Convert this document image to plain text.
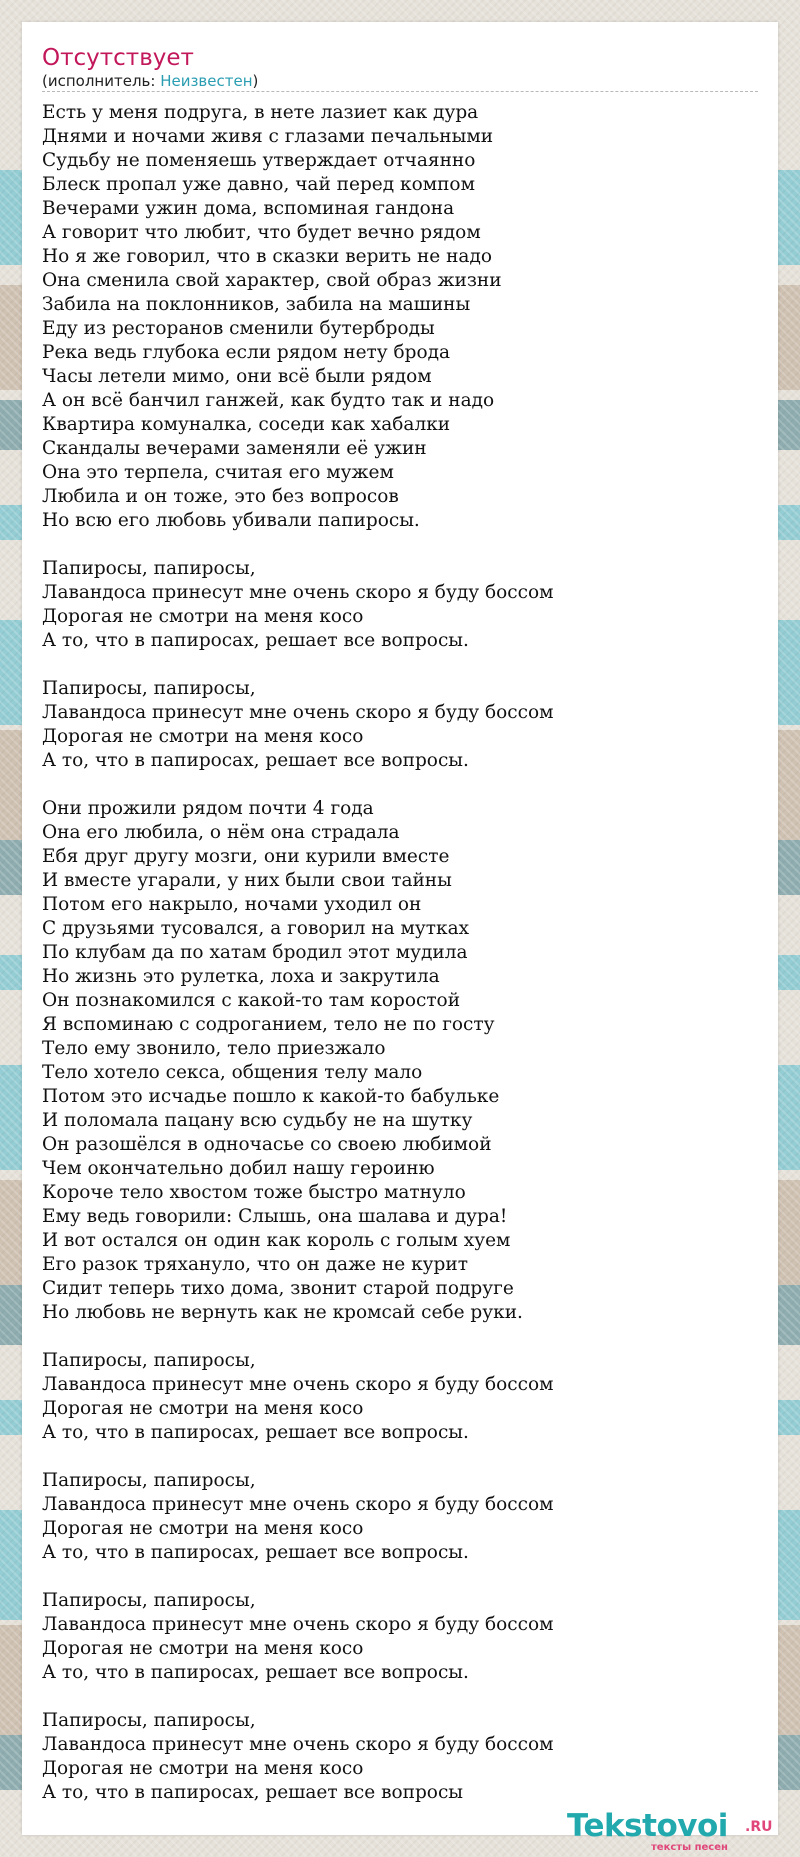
Отсутствует
(исполнитель: Неизвестен)
Есть у меня подруга, в нете лазиет как дура
Днями и ночами живя с глазами печальными
Судьбу не поменяешь утверждает отчаянно
Блеск пропал уже давно, чай перед компом
Вечерами ужин дома, вспоминая гандона
А говорит что любит, что будет вечно рядом
Но я же говорил, что в сказки верить не надо
Она сменила свой характер, свой образ жизни
Забила на поклонников, забила на машины
Еду из ресторанов сменили бутерброды
Река ведь глубока если рядом нету брода
Часы летели мимо, они всё были рядом
А он всё банчил ганжей, как будто так и надо
Квартира комуналка, соседи как хабалки
Скандалы вечерами заменяли её ужин
Она это терпела, считая его мужем
Любила и он тоже, это без вопросов
Но всю его любовь убивали папиросы.

Папиросы, папиросы,
Лавандоса принесут мне очень скоро я буду боссом
Дорогая не смотри на меня косо
А то, что в папиросах, решает все вопросы.

Папиросы, папиросы,
Лавандоса принесут мне очень скоро я буду боссом
Дорогая не смотри на меня косо
А то, что в папиросах, решает все вопросы.

Они прожили рядом почти 4 года
Она его любила, о нём она страдала
Ебя друг другу мозги, они курили вместе
И вместе угарали, у них были свои тайны
Потом его накрыло, ночами уходил он
С друзьями тусовался, а говорил на мутках
По клубам да по хатам бродил этот мудила
Но жизнь это рулетка, лоха и закрутила
Он познакомился с какой-то там коростой
Я вспоминаю с содроганием, тело не по госту
Тело ему звонило, тело приезжало
Тело хотело секса, общения телу мало
Потом это исчадье пошло к какой-то бабульке
И поломала пацану всю судьбу не на шутку
Он разошёлся в одночасье со своею любимой
Чем окончательно добил нашу героиню
Короче тело хвостом тоже быстро матнуло
Ему ведь говорили: Слышь, она шалава и дура!
И вот остался он один как король с голым хуем
Его разок тряхануло, что он даже не курит
Сидит теперь тихо дома, звонит старой подруге
Но любовь не вернуть как не кромсай себе руки.

Папиросы, папиросы,
Лавандоса принесут мне очень скоро я буду боссом
Дорогая не смотри на меня косо
А то, что в папиросах, решает все вопросы.

Папиросы, папиросы,
Лавандоса принесут мне очень скоро я буду боссом
Дорогая не смотри на меня косо
А то, что в папиросах, решает все вопросы.

Папиросы, папиросы,
Лавандоса принесут мне очень скоро я буду боссом
Дорогая не смотри на меня косо
А то, что в папиросах, решает все вопросы.

Папиросы, папиросы,
Лавандоса принесут мне очень скоро я буду боссом
Дорогая не смотри на меня косо
А то, что в папиросах, решает все вопросы
Tekstovoi .RU
тексты песен
